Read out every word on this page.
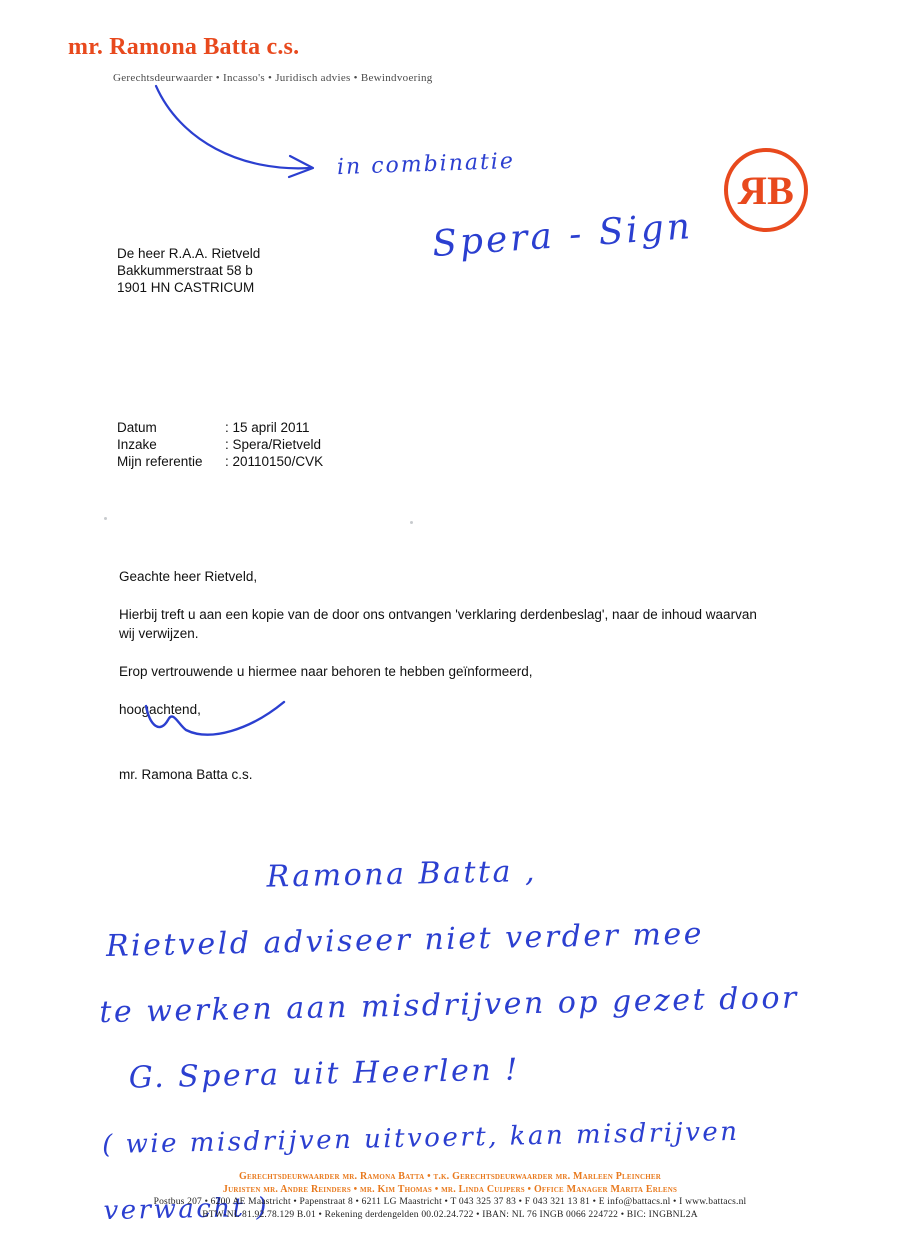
mr. Ramona Batta c.s.
Gerechtsdeurwaarder • Incasso's • Juridisch advies • Bewindvoering
in combinatie
Spera - Sign
R B
De heer R.A.A. Rietveld
Bakkummerstraat 58 b
1901 HN CASTRICUM
Datum	: 15 april 2011
Inzake	: Spera/Rietveld
Mijn referentie	: 20110150/CVK

Geachte heer Rietveld,

Hierbij treft u aan een kopie van de door ons ontvangen 'verklaring derdenbeslag', naar de inhoud waarvan wij verwijzen.

Erop vertrouwende u hiermee naar behoren te hebben geïnformeerd,

hoogachtend,

mr. Ramona Batta c.s.

Ramona Batta ,
Rietveld adviseer niet verder mee
te werken aan misdrijven op gezet door
G. Spera uit Heerlen !
( wie misdrijven uitvoert, kan misdrijven verwacht )
Gerechtsdeurwaarder mr. Ramona Batta • t.k. Gerechtsdeurwaarder mr. Marleen Pleincher
Juristen mr. Andre Reinders • mr. Kim Thomas • mr. Linda Cuijpers • Office Manager Marita Erlens
Postbus 207 • 6200 AE Maastricht • Papenstraat 8 • 6211 LG Maastricht • T 043 325 37 83 • F 043 321 13 81 • E info@battacs.nl • I www.battacs.nl
BTW-NL 81.92.78.129 B.01 • Rekening derdengelden 00.02.24.722 • IBAN: NL 76 INGB 0066 224722 • BIC: INGBNL2A
